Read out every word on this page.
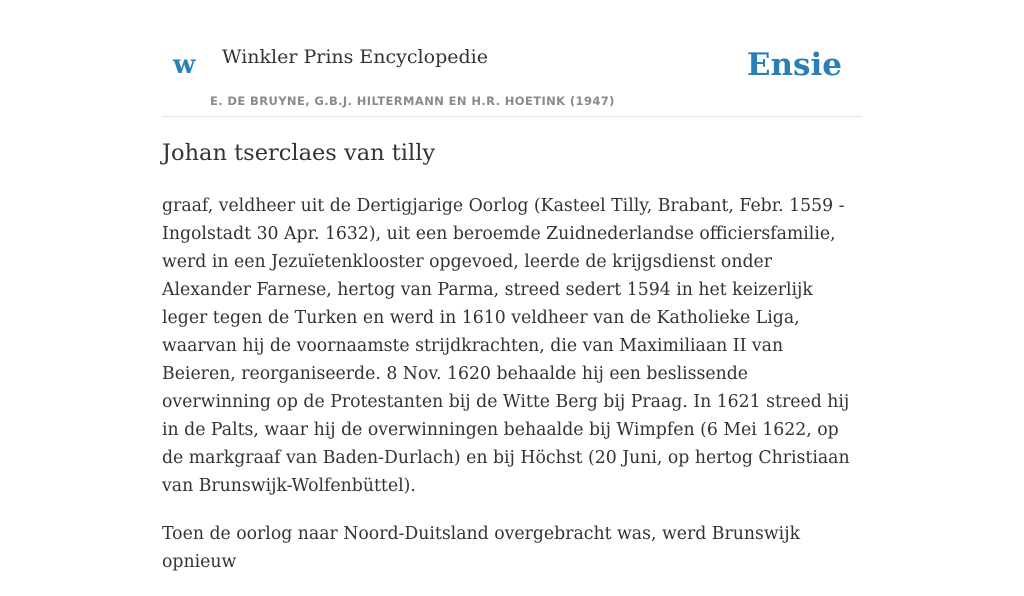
w Winkler Prins Encyclopedie
E. DE BRUYNE, G.B.J. HILTERMANN EN H.R. HOETINK (1947)
Ensie
Johan tserclaes van tilly

graaf, veldheer uit de Dertigjarige Oorlog (Kasteel Tilly, Brabant, Febr. 1559 - Ingolstadt 30 Apr. 1632), uit een beroemde Zuidnederlandse officiersfamilie, werd in een Jezuïetenklooster opgevoed, leerde de krijgsdienst onder Alexander Farnese, hertog van Parma, streed sedert 1594 in het keizerlijk leger tegen de Turken en werd in 1610 veldheer van de Katholieke Liga, waarvan hij de voornaamste strijdkrachten, die van Maximiliaan II van Beieren, reorganiseerde. 8 Nov. 1620 behaalde hij een beslissende overwinning op de Protestanten bij de Witte Berg bij Praag. In 1621 streed hij in de Palts, waar hij de overwinningen behaalde bij Wimpfen (6 Mei 1622, op de markgraaf van Baden-Durlach) en bij Höchst (20 Juni, op hertog Christiaan van Brunswijk-Wolfenbüttel).

Toen de oorlog naar Noord-Duitsland overgebracht was, werd Brunswijk opnieuw
